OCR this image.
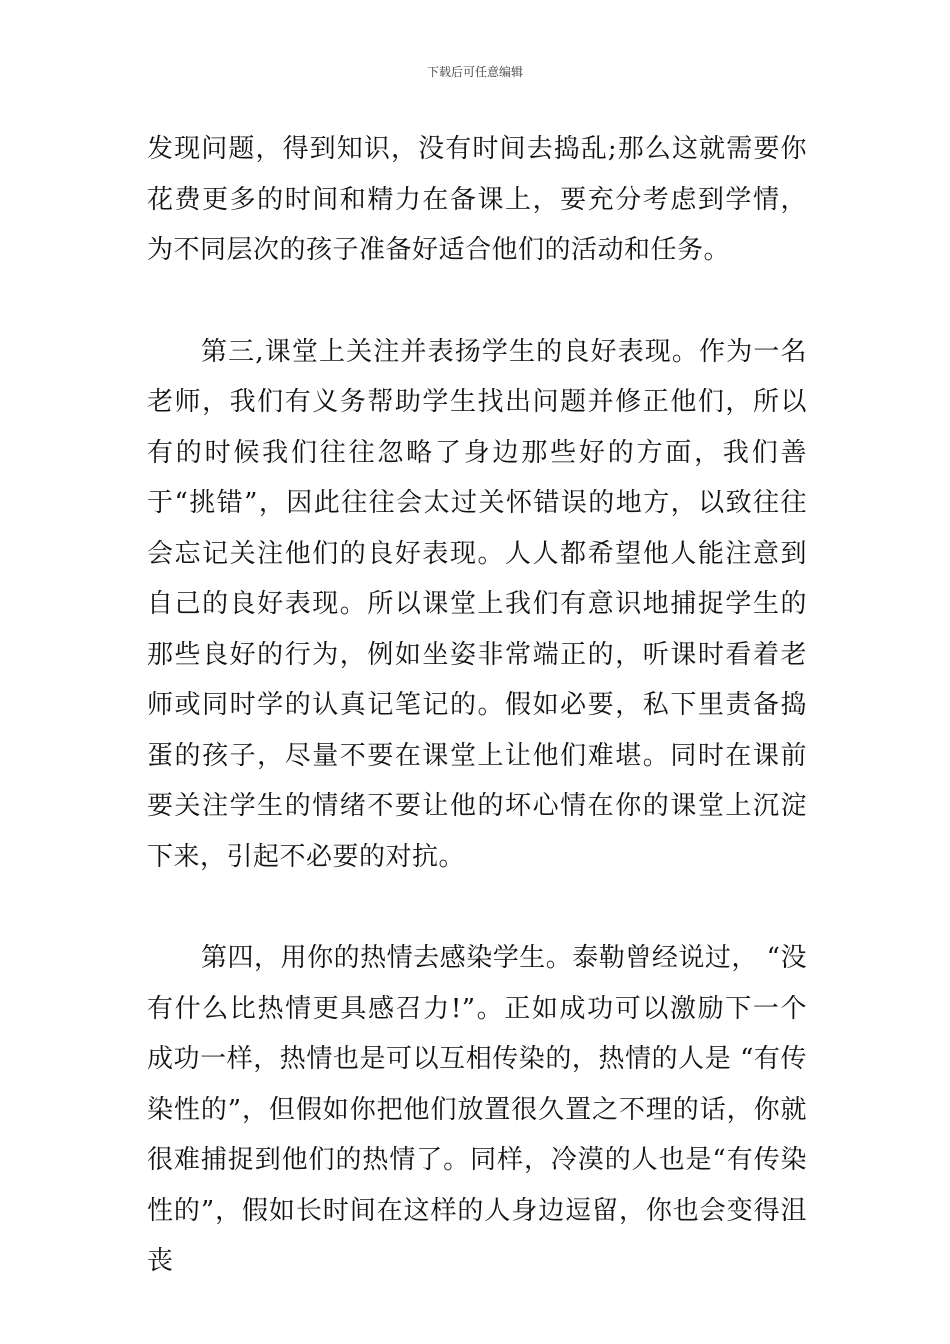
下载后可任意编辑

发现问题，得到知识，没有时间去捣乱;那么这就需要你花费更多的时间和精力在备课上，要充分考虑到学情，为不同层次的孩子准备好适合他们的活动和任务。

第三,课堂上关注并表扬学生的良好表现。作为一名老师，我们有义务帮助学生找出问题并修正他们，所以有的时候我们往往忽略了身边那些好的方面，我们善于“挑错”，因此往往会太过关怀错误的地方，以致往往会忘记关注他们的良好表现。人人都希望他人能注意到自己的良好表现。所以课堂上我们有意识地捕捉学生的那些良好的行为，例如坐姿非常端正的，听课时看着老师或同时学的认真记笔记的。假如必要，私下里责备捣蛋的孩子，尽量不要在课堂上让他们难堪。同时在课前要关注学生的情绪不要让他的坏心情在你的课堂上沉淀下来，引起不必要的对抗。

第四，用你的热情去感染学生。泰勒曾经说过， “没有什么比热情更具感召力!”。正如成功可以激励下一个成功一样，热情也是可以互相传染的，热情的人是 “有传染性的”，但假如你把他们放置很久置之不理的话，你就很难捕捉到他们的热情了。同样，冷漠的人也是“有传染性的”，假如长时间在这样的人身边逗留，你也会变得沮丧
